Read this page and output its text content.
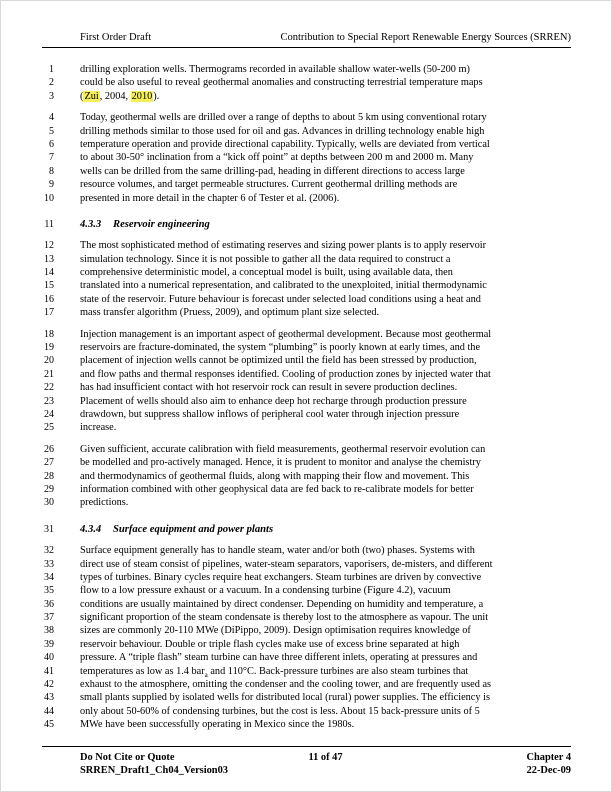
First Order Draft	Contribution to Special Report Renewable Energy Sources (SRREN)
1	drilling exploration wells. Thermograms recorded in available shallow water-wells (50-200 m)
2	could be also useful to reveal geothermal anomalies and constructing terrestrial temperature maps
3	(Zui, 2004, 2010).
4	Today, geothermal wells are drilled over a range of depths to about 5 km using conventional rotary
5	drilling methods similar to those used for oil and gas. Advances in drilling technology enable high
6	temperature operation and provide directional capability. Typically, wells are deviated from vertical
7	to about 30-50° inclination from a “kick off point” at depths between 200 m and 2000 m. Many
8	wells can be drilled from the same drilling-pad, heading in different directions to access large
9	resource volumes, and target permeable structures. Current geothermal drilling methods are
10	presented in more detail in the chapter 6 of Tester et al. (2006).
11 4.3.3 Reservoir engineering
12	The most sophisticated method of estimating reserves and sizing power plants is to apply reservoir
13	simulation technology. Since it is not possible to gather all the data required to construct a
14	comprehensive deterministic model, a conceptual model is built, using available data, then
15	translated into a numerical representation, and calibrated to the unexploited, initial thermodynamic
16	state of the reservoir. Future behaviour is forecast under selected load conditions using a heat and
17	mass transfer algorithm (Pruess, 2009), and optimum plant size selected.
18	Injection management is an important aspect of geothermal development. Because most geothermal
19	reservoirs are fracture-dominated, the system “plumbing” is poorly known at early times, and the
20	placement of injection wells cannot be optimized until the field has been stressed by production,
21	and flow paths and thermal responses identified. Cooling of production zones by injected water that
22	has had insufficient contact with hot reservoir rock can result in severe production declines.
23	Placement of wells should also aim to enhance deep hot recharge through production pressure
24	drawdown, but suppress shallow inflows of peripheral cool water through injection pressure
25	increase.
26	Given sufficient, accurate calibration with field measurements, geothermal reservoir evolution can
27	be modelled and pro-actively managed. Hence, it is prudent to monitor and analyse the chemistry
28	and thermodynamics of geothermal fluids, along with mapping their flow and movement. This
29	information combined with other geophysical data are fed back to re-calibrate models for better
30	predictions.
31 4.3.4 Surface equipment and power plants
32	Surface equipment generally has to handle steam, water and/or both (two) phases. Systems with
33	direct use of steam consist of pipelines, water-steam separators, vaporisers, de-misters, and different
34	types of turbines. Binary cycles require heat exchangers. Steam turbines are driven by convective
35	flow to a low pressure exhaust or a vacuum. In a condensing turbine (Figure 4.2), vacuum
36	conditions are usually maintained by direct condenser. Depending on humidity and temperature, a
37	significant proportion of the steam condensate is thereby lost to the atmosphere as vapour. The unit
38	sizes are commonly 20-110 MWe (DiPippo, 2009). Design optimisation requires knowledge of
39	reservoir behaviour. Double or triple flash cycles make use of excess brine separated at high
40	pressure. A “triple flash” steam turbine can have three different inlets, operating at pressures and
41	temperatures as low as 1.4 bar$_a$ and 110°C. Back-pressure turbines are also steam turbines that
42	exhaust to the atmosphere, omitting the condenser and the cooling tower, and are frequently used as
43	small plants supplied by isolated wells for distributed local (rural) power supplies. The efficiency is
44	only about 50-60% of condensing turbines, but the cost is less. About 15 back-pressure units of 5
45	MWe have been successfully operating in Mexico since the 1980s.
Do Not Cite or Quote	11 of 47	Chapter 4
SRREN_Draft1_Ch04_Version03	22-Dec-09
